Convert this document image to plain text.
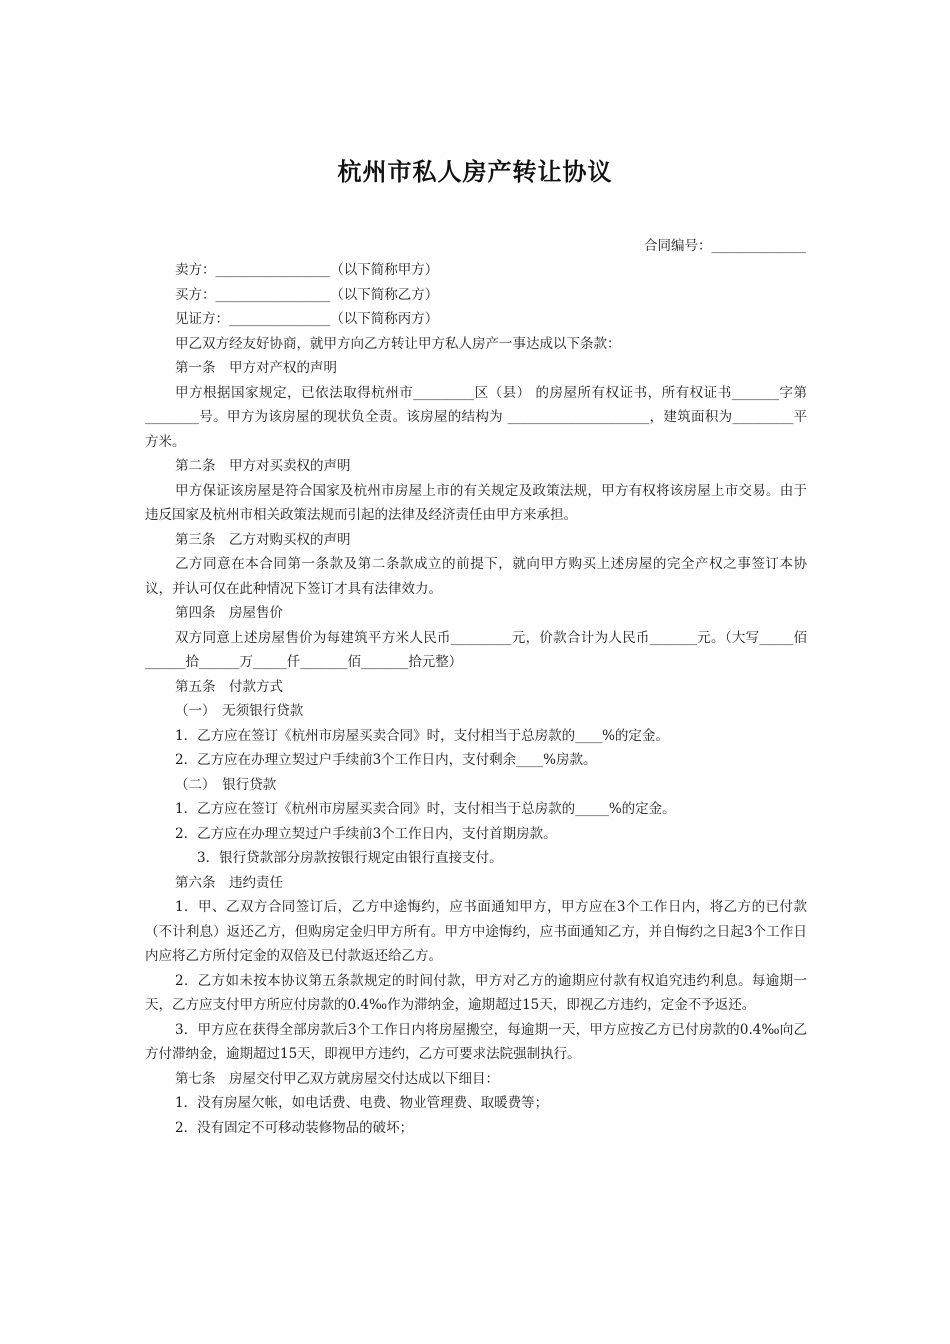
杭州市私人房产转让协议
合同编号：______________

卖方：_________________（以下简称甲方）

买方：_________________（以下简称乙方）

见证方：_______________（以下简称丙方）

甲乙双方经友好协商，就甲方向乙方转让甲方私人房产一事达成以下条款：

第一条　甲方对产权的声明

甲方根据国家规定，已依法取得杭州市_________区（县） 的房屋所有权证书，所有权证书_______字第________号。甲方为该房屋的现状负全责。该房屋的结构为 _____________________，建筑面积为_________平方米。

第二条　甲方对买卖权的声明

甲方保证该房屋是符合国家及杭州市房屋上市的有关规定及政策法规，甲方有权将该房屋上市交易。由于违反国家及杭州市相关政策法规而引起的法律及经济责任由甲方来承担。

第三条　乙方对购买权的声明

乙方同意在本合同第一条款及第二条款成立的前提下，就向甲方购买上述房屋的完全产权之事签订本协议，并认可仅在此种情况下签订才具有法律效力。

第四条　房屋售价

双方同意上述房屋售价为每建筑平方米人民币_________元，价款合计为人民币_______元。（大写_____佰______拾______万_____仟_______佰_______拾元整）

第五条　付款方式

（一）　无须银行贷款

1．乙方应在签订《杭州市房屋买卖合同》时，支付相当于总房款的____%的定金。

2．乙方应在办理立契过户手续前3个工作日内，支付剩余____%房款。

（二）　银行贷款

1．乙方应在签订《杭州市房屋买卖合同》时，支付相当于总房款的_____%的定金。

2．乙方应在办理立契过户手续前3个工作日内，支付首期房款。

3．银行贷款部分房款按银行规定由银行直接支付。

第六条　违约责任

1．甲、乙双方合同签订后，乙方中途悔约，应书面通知甲方，甲方应在3个工作日内，将乙方的已付款（不计利息）返还乙方，但购房定金归甲方所有。甲方中途悔约，应书面通知乙方，并自悔约之日起3个工作日内应将乙方所付定金的双倍及已付款返还给乙方。

2．乙方如未按本协议第五条款规定的时间付款，甲方对乙方的逾期应付款有权追究违约利息。每逾期一天，乙方应支付甲方所应付房款的0.4‰作为滞纳金，逾期超过15天，即视乙方违约，定金不予返还。

3．甲方应在获得全部房款后3个工作日内将房屋搬空，每逾期一天，甲方应按乙方已付房款的0.4‰向乙方付滞纳金，逾期超过15天，即视甲方违约，乙方可要求法院强制执行。

第七条　房屋交付甲乙双方就房屋交付达成以下细目：

1．没有房屋欠帐，如电话费、电费、物业管理费、取暖费等；

2．没有固定不可移动装修物品的破坏；
